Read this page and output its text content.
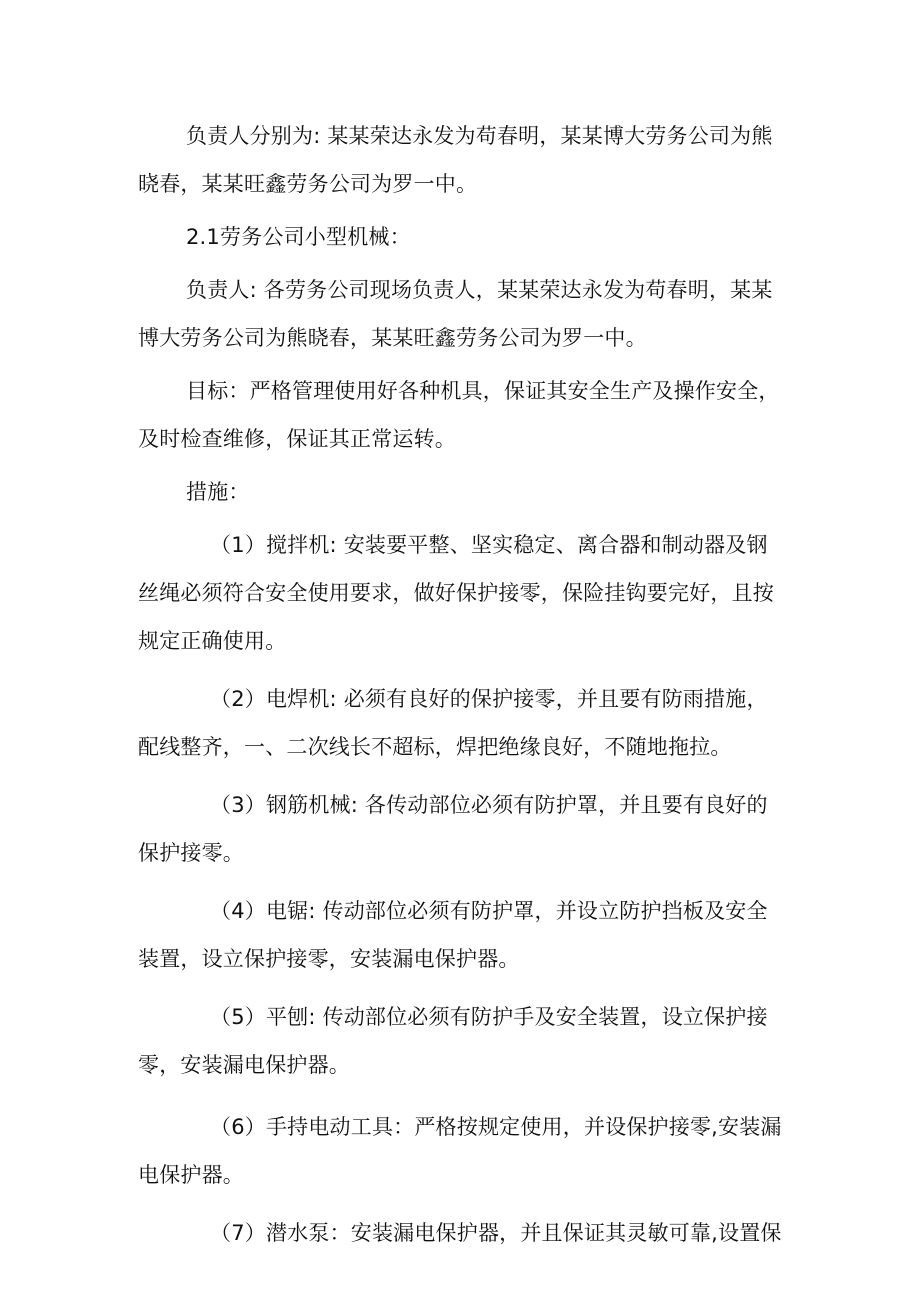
负责人分别为: 某某荣达永发为苟春明，某某博大劳务公司为熊晓春，某某旺鑫劳务公司为罗一中。

2.1劳务公司小型机械：

负责人: 各劳务公司现场负责人，某某荣达永发为苟春明，某某博大劳务公司为熊晓春，某某旺鑫劳务公司为罗一中。

目标：严格管理使用好各种机具，保证其安全生产及操作安全，及时检查维修，保证其正常运转。

措施：

（1）搅拌机: 安装要平整、坚实稳定、离合器和制动器及钢丝绳必须符合安全使用要求，做好保护接零，保险挂钩要完好，且按规定正确使用。

（2）电焊机: 必须有良好的保护接零，并且要有防雨措施，配线整齐，一、二次线长不超标，焊把绝缘良好，不随地拖拉。

（3）钢筋机械: 各传动部位必须有防护罩，并且要有良好的保护接零。

（4）电锯: 传动部位必须有防护罩，并设立防护挡板及安全装置，设立保护接零，安装漏电保护器。

（5）平刨: 传动部位必须有防护手及安全装置，设立保护接零，安装漏电保护器。

（6）手持电动工具：严格按规定使用，并设保护接零,安装漏电保护器。

（7）潜水泵：安装漏电保护器，并且保证其灵敏可靠,设置保
